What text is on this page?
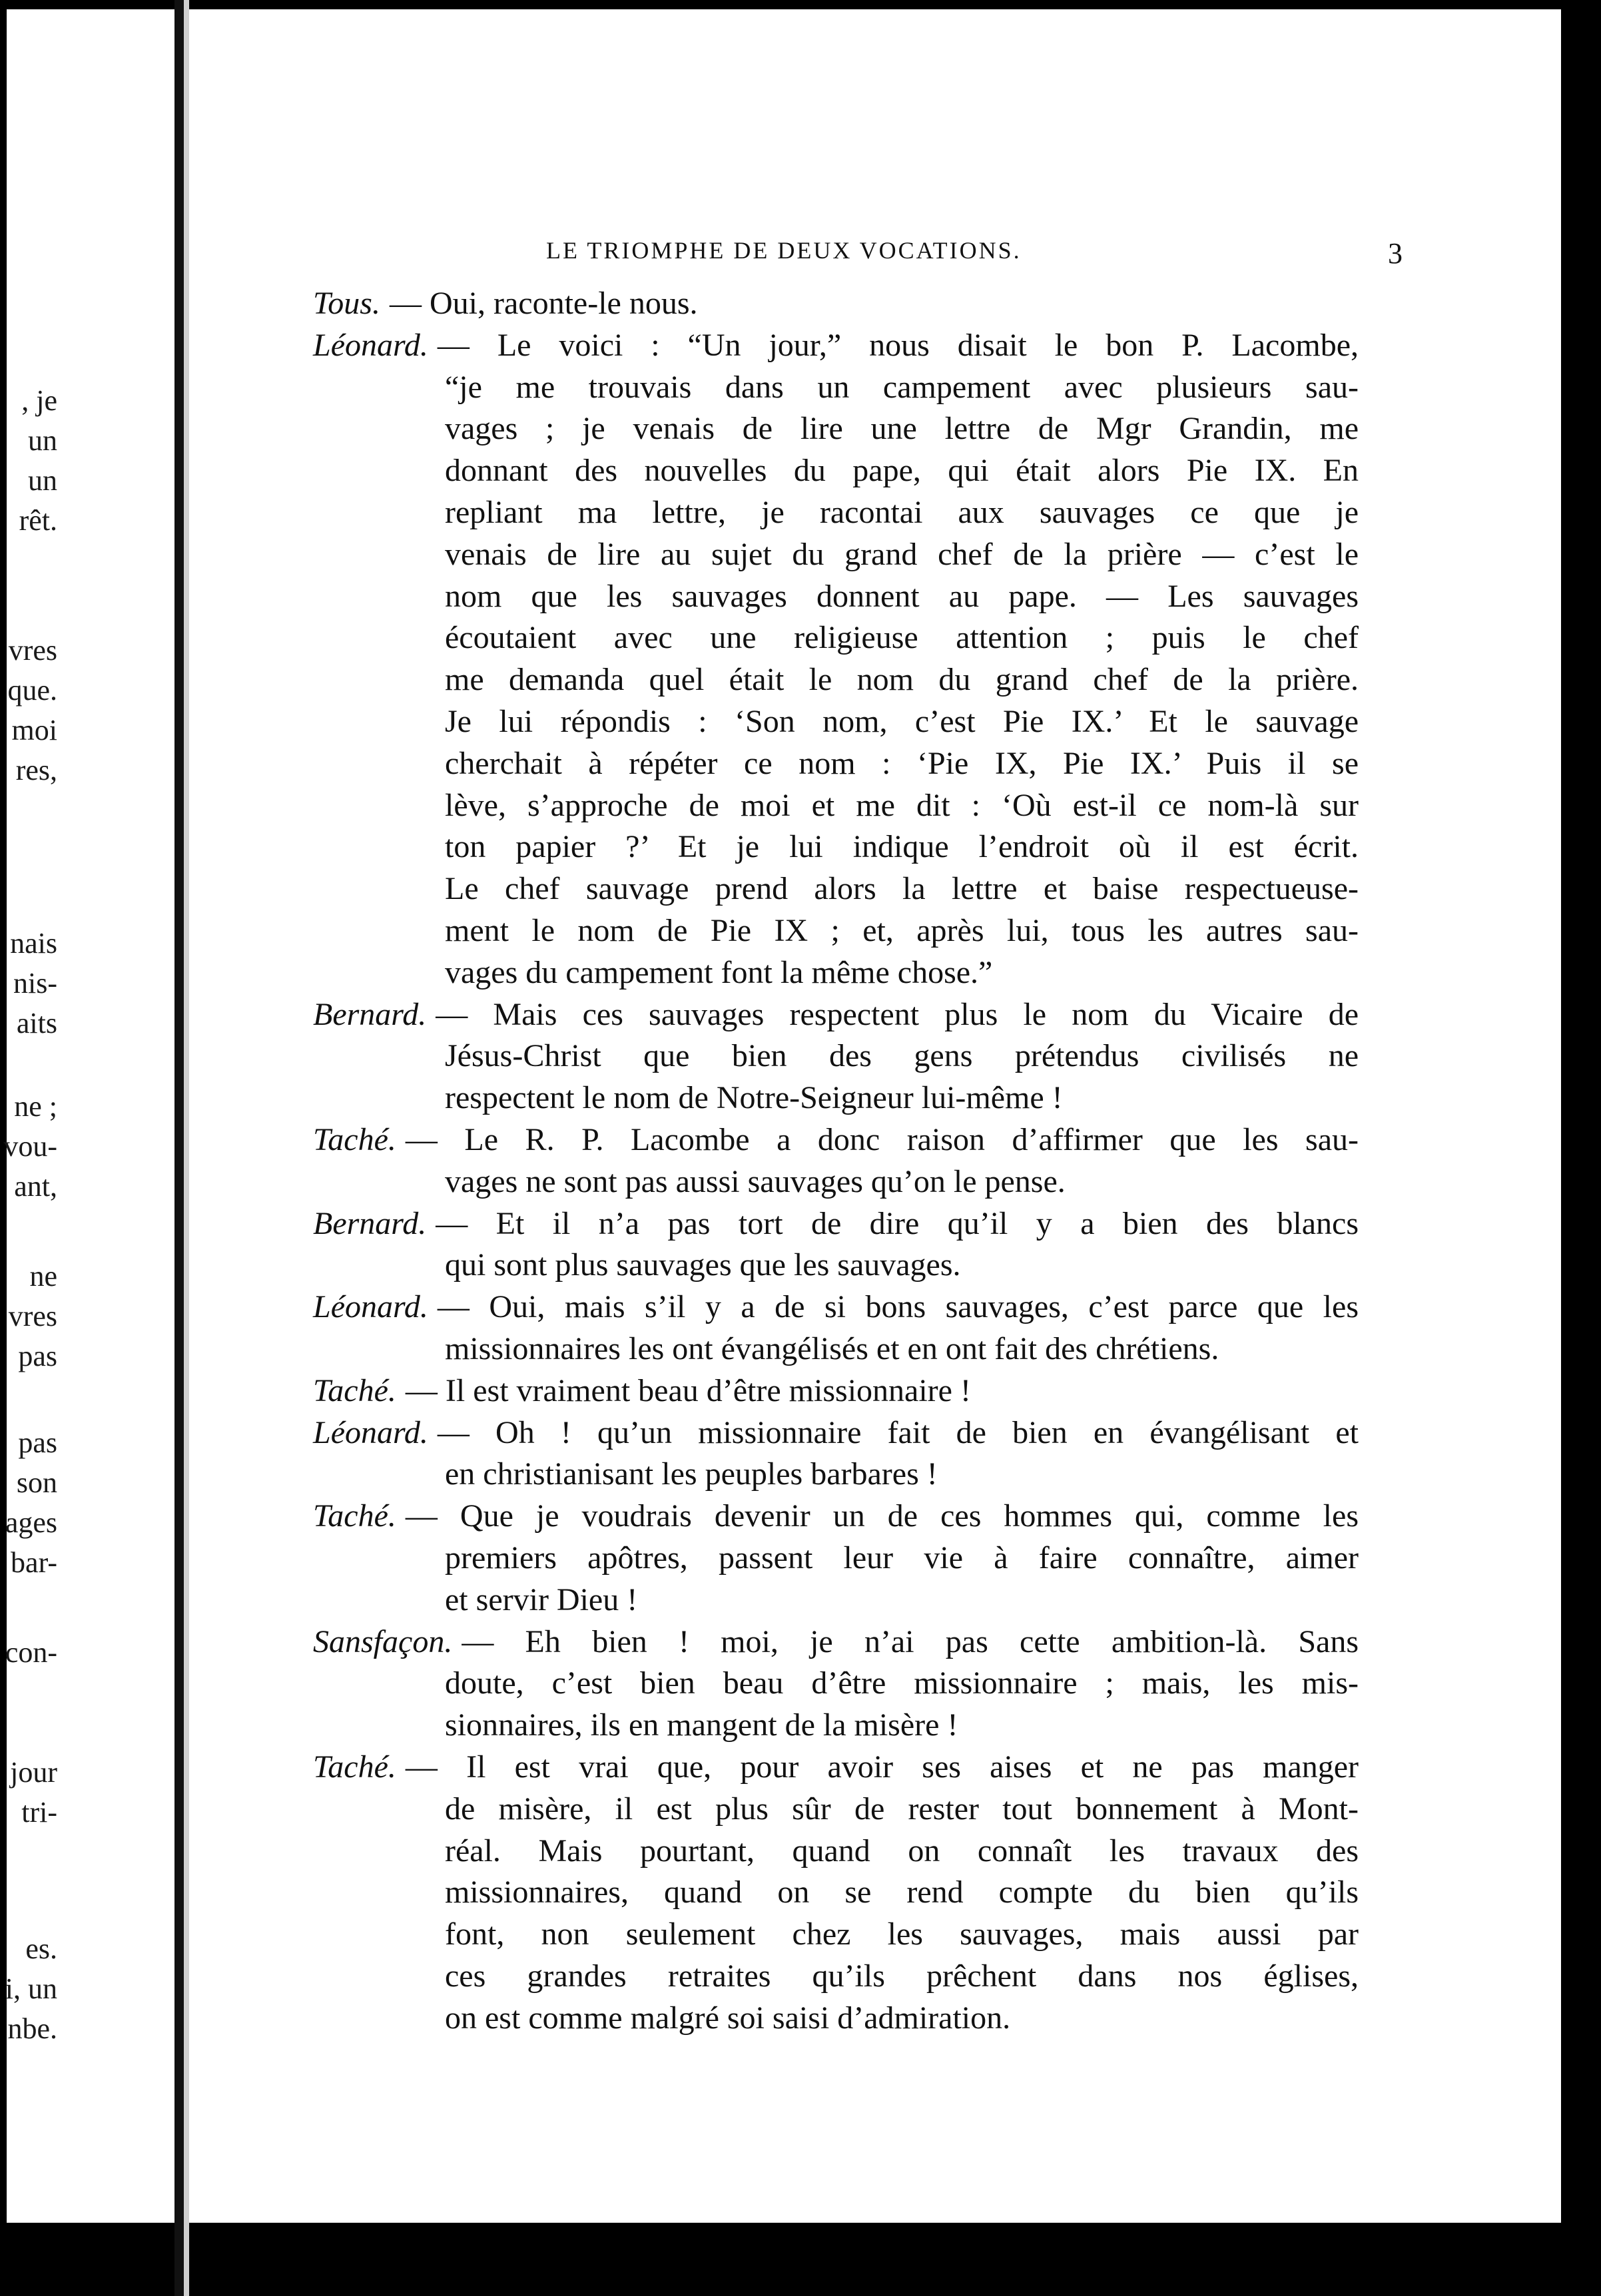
, je
un
un
rêt.
vres
que.
moi
res,
nais
nis-
aits
ne ;
vou-
ant,
ne
vres
pas
pas
son
ages
bar-
con-
jour
tri-
es.
i, un
nbe.
LE TRIOMPHE DE DEUX VOCATIONS.	3
Tous. — Oui, raconte-le nous.
Léonard. — Le voici : “Un jour,” nous disait le bon P. Lacombe,
“je me trouvais dans un campement avec plusieurs sau-
vages ; je venais de lire une lettre de Mgr Grandin, me
donnant des nouvelles du pape, qui était alors Pie IX. En
repliant ma lettre, je racontai aux sauvages ce que je
venais de lire au sujet du grand chef de la prière — c’est le
nom que les sauvages donnent au pape. — Les sauvages
écoutaient avec une religieuse attention ; puis le chef
me demanda quel était le nom du grand chef de la prière.
Je lui répondis : ‘Son nom, c’est Pie IX.’ Et le sauvage
cherchait à répéter ce nom : ‘Pie IX, Pie IX.’ Puis il se
lève, s’approche de moi et me dit : ‘Où est-il ce nom-là sur
ton papier ?’ Et je lui indique l’endroit où il est écrit.
Le chef sauvage prend alors la lettre et baise respectueuse-
ment le nom de Pie IX ; et, après lui, tous les autres sau-
vages du campement font la même chose.”
Bernard. — Mais ces sauvages respectent plus le nom du Vicaire de
Jésus-Christ que bien des gens prétendus civilisés ne
respectent le nom de Notre-Seigneur lui-même !
Taché. — Le R. P. Lacombe a donc raison d’affirmer que les sau-
vages ne sont pas aussi sauvages qu’on le pense.
Bernard. — Et il n’a pas tort de dire qu’il y a bien des blancs
qui sont plus sauvages que les sauvages.
Léonard. — Oui, mais s’il y a de si bons sauvages, c’est parce que les
missionnaires les ont évangélisés et en ont fait des chrétiens.
Taché. — Il est vraiment beau d’être missionnaire !
Léonard. — Oh ! qu’un missionnaire fait de bien en évangélisant et
en christianisant les peuples barbares !
Taché. — Que je voudrais devenir un de ces hommes qui, comme les
premiers apôtres, passent leur vie à faire connaître, aimer
et servir Dieu !
Sansfaçon. — Eh bien ! moi, je n’ai pas cette ambition-là. Sans
doute, c’est bien beau d’être missionnaire ; mais, les mis-
sionnaires, ils en mangent de la misère !
Taché. — Il est vrai que, pour avoir ses aises et ne pas manger
de misère, il est plus sûr de rester tout bonnement à Mont-
réal. Mais pourtant, quand on connaît les travaux des
missionnaires, quand on se rend compte du bien qu’ils
font, non seulement chez les sauvages, mais aussi par
ces grandes retraites qu’ils prêchent dans nos églises,
on est comme malgré soi saisi d’admiration.
